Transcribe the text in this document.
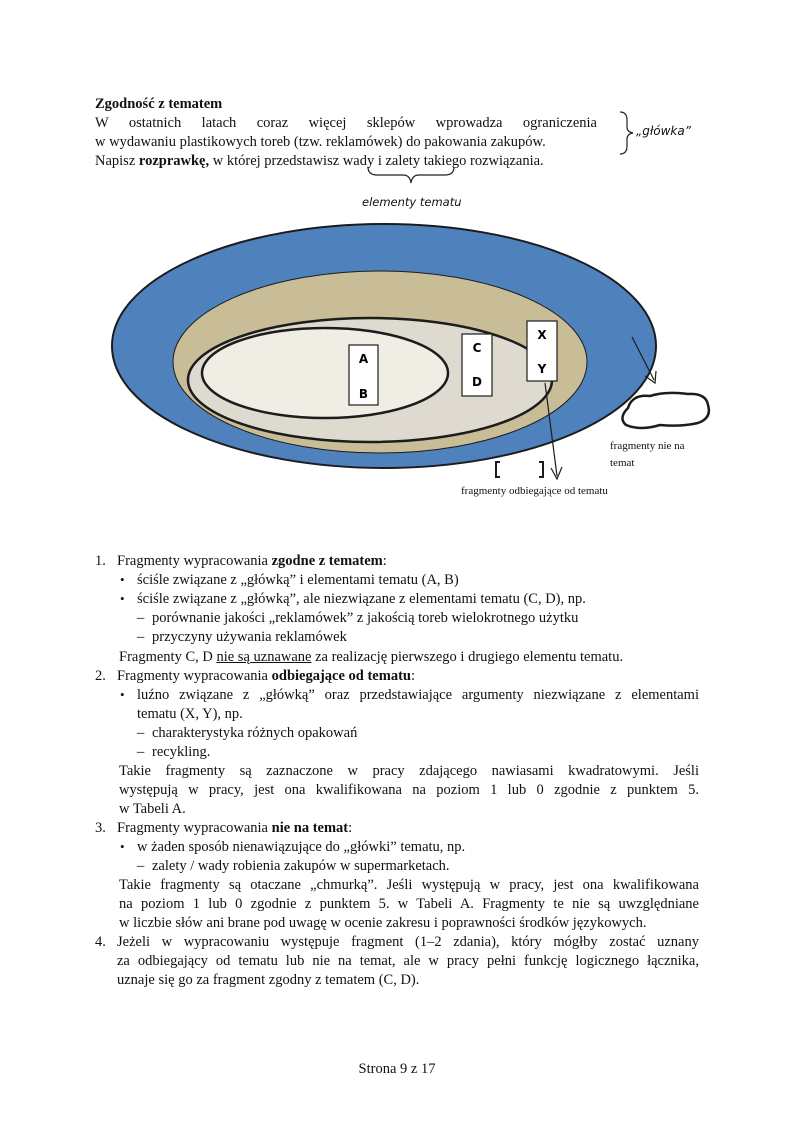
Zgodność z tematem
W ostatnich latach coraz więcej sklepów wprowadza ograniczenia
w wydawaniu plastikowych toreb (tzw. reklamówek) do pakowania zakupów.
Napisz rozprawkę, w której przedstawisz wady i zalety takiego rozwiązania.
„główka”
elementy tematu
A
B
C
D
X
Y
fragmenty nie na
temat
fragmenty odbiegające od tematu
1. Fragmenty wypracowania zgodne z tematem:
• ściśle związane z „główką” i elementami tematu (A, B)
• ściśle związane z „główką”, ale niezwiązane z elementami tematu (C, D), np.
– porównanie jakości „reklamówek” z jakością toreb wielokrotnego użytku
– przyczyny używania reklamówek
Fragmenty C, D nie są uznawane za realizację pierwszego i drugiego elementu tematu.
2. Fragmenty wypracowania odbiegające od tematu:
• luźno związane z „główką” oraz przedstawiające argumenty niezwiązane z elementami
tematu (X, Y), np.
– charakterystyka różnych opakowań
– recykling.
Takie fragmenty są zaznaczone w pracy zdającego nawiasami kwadratowymi. Jeśli
występują w pracy, jest ona kwalifikowana na poziom 1 lub 0 zgodnie z punktem 5.
w Tabeli A.
3. Fragmenty wypracowania nie na temat:
• w żaden sposób nienawiązujące do „główki” tematu, np.
– zalety / wady robienia zakupów w supermarketach.
Takie fragmenty są otaczane „chmurką”. Jeśli występują w pracy, jest ona kwalifikowana
na poziom 1 lub 0 zgodnie z punktem 5. w Tabeli A. Fragmenty te nie są uwzględniane
w liczbie słów ani brane pod uwagę w ocenie zakresu i poprawności środków językowych.
4. Jeżeli w wypracowaniu występuje fragment (1–2 zdania), który mógłby zostać uznany
za odbiegający od tematu lub nie na temat, ale w pracy pełni funkcję logicznego łącznika,
uznaje się go za fragment zgodny z tematem (C, D).
Strona 9 z 17
